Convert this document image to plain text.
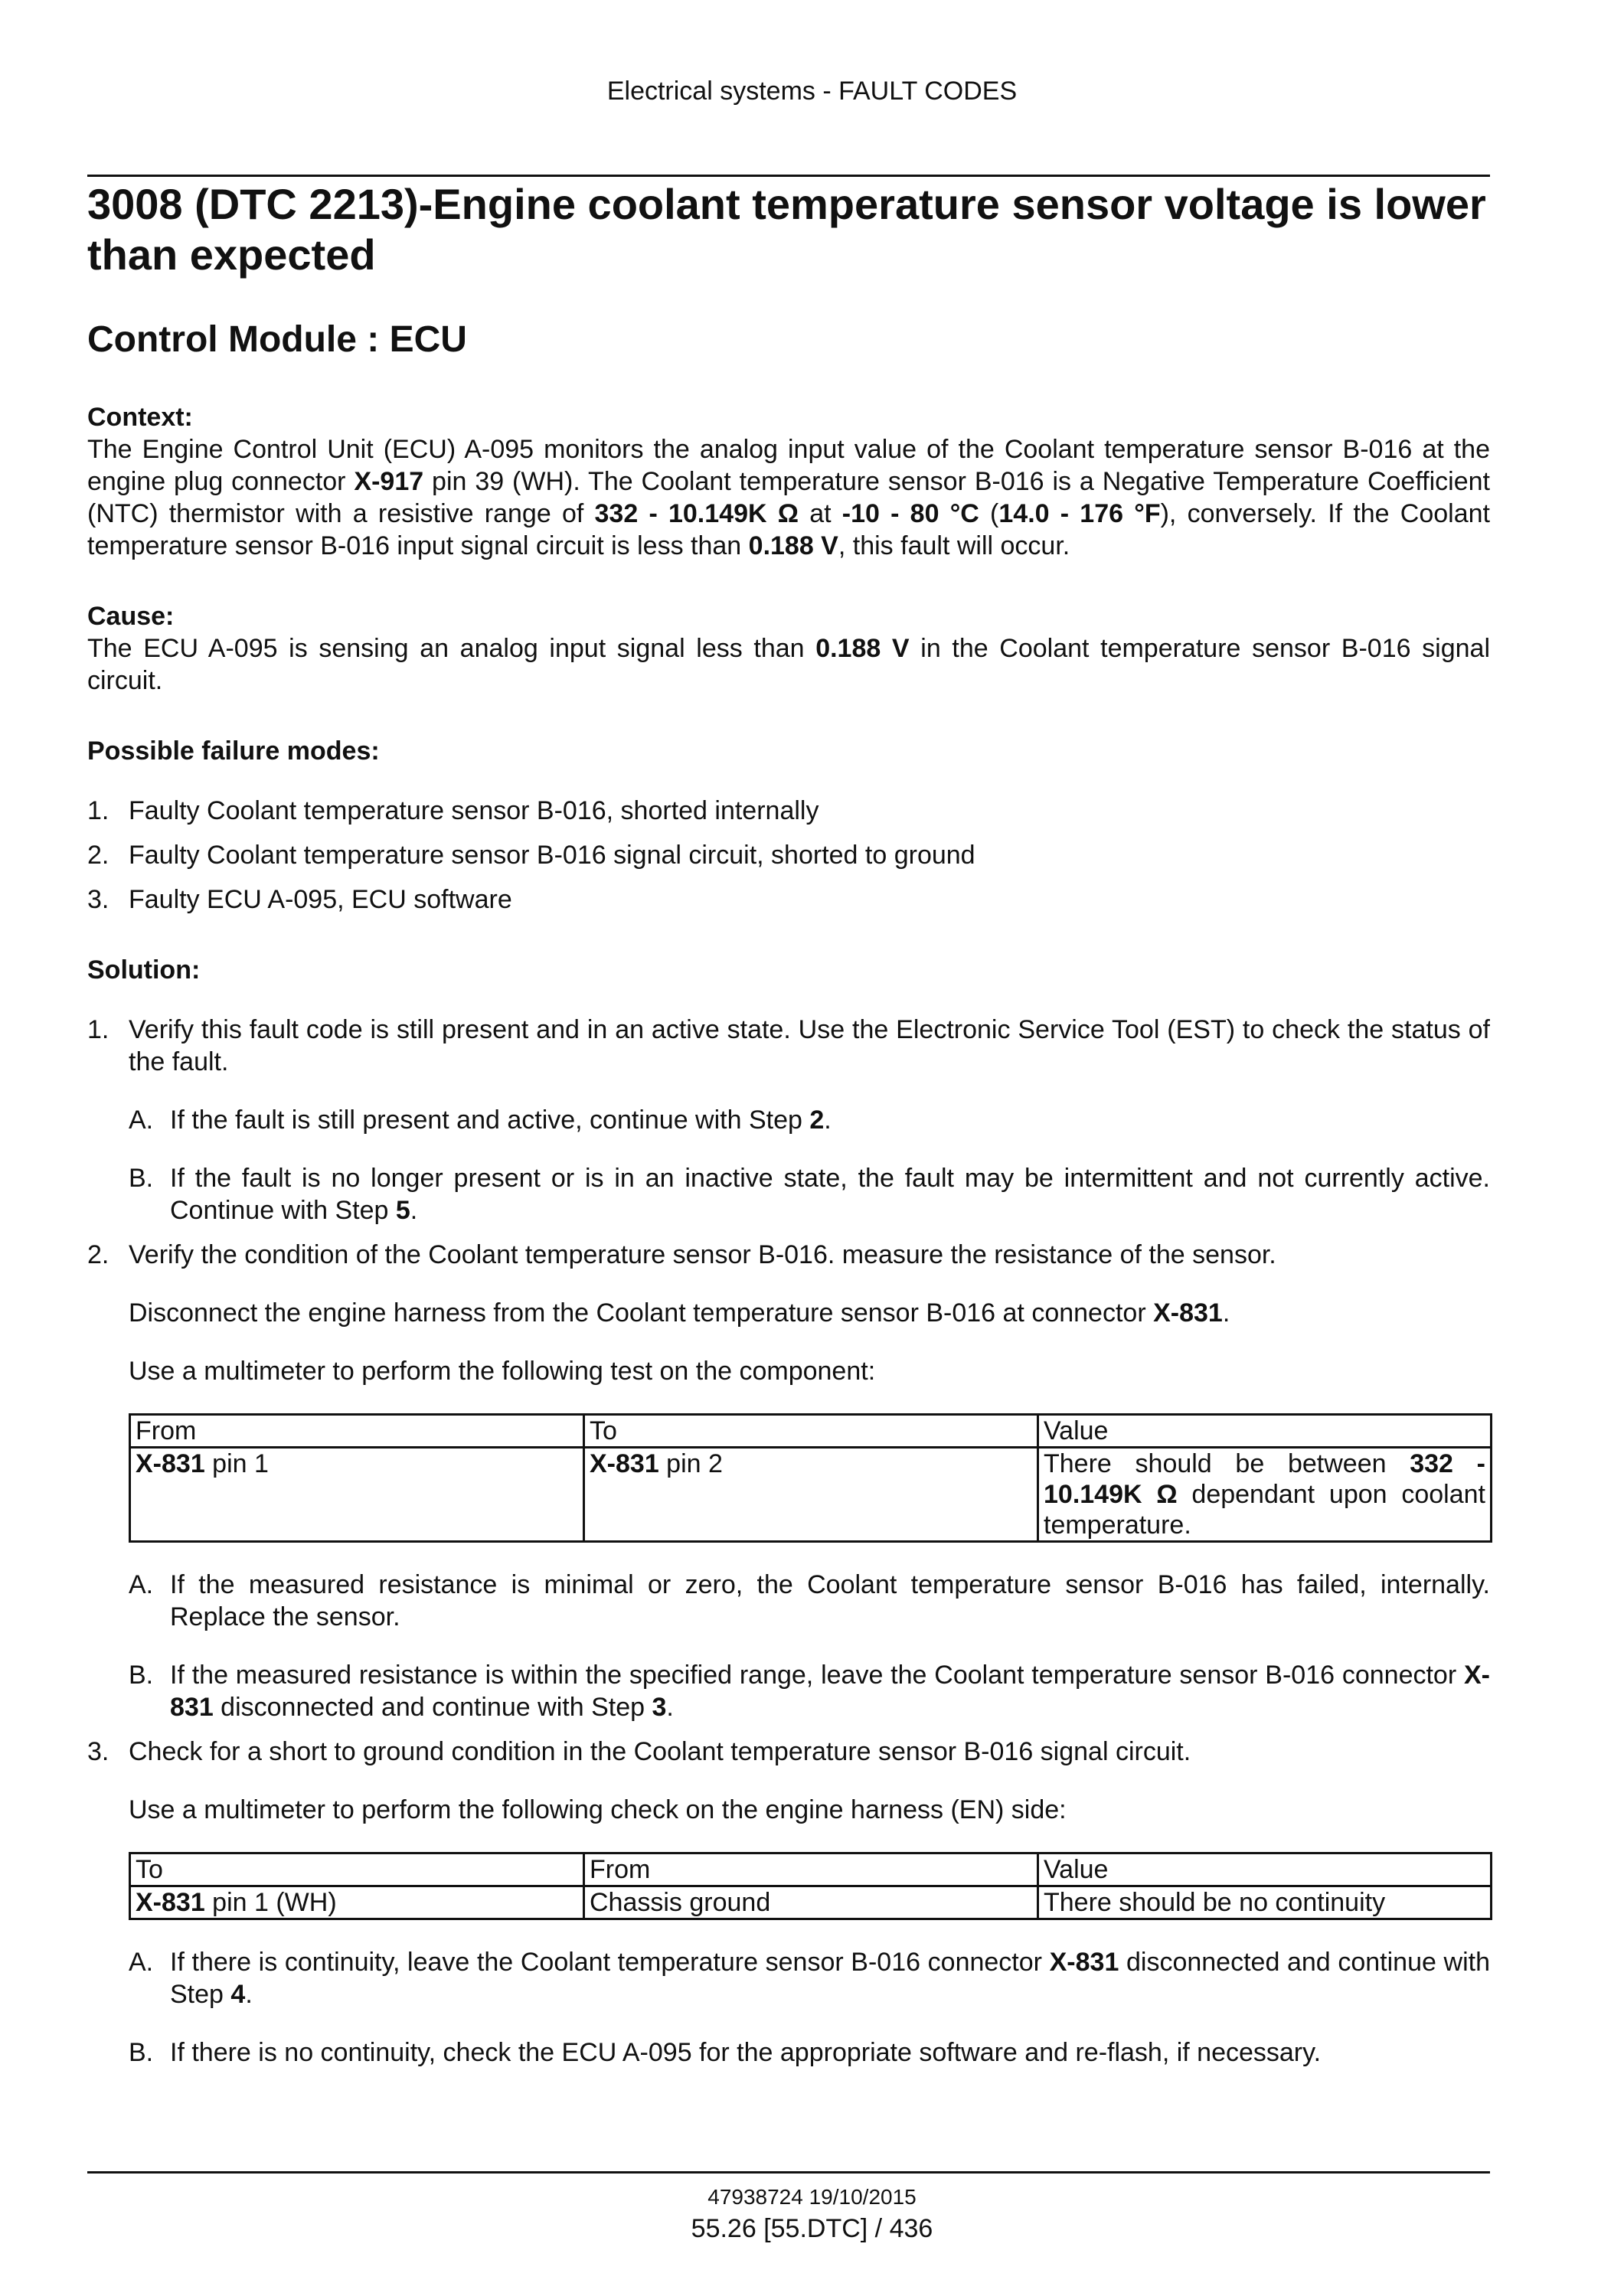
Electrical systems - FAULT CODES
3008 (DTC 2213)-Engine coolant temperature sensor voltage is lower than expected
Control Module : ECU
Context:

The Engine Control Unit (ECU) A-095 monitors the analog input value of the Coolant temperature sensor B-016 at the engine plug connector X-917 pin 39 (WH). The Coolant temperature sensor B-016 is a Negative Temperature Coefficient (NTC) thermistor with a resistive range of 332 - 10.149K Ω at -10 - 80 °C (14.0 - 176 °F), conversely. If the Coolant temperature sensor B-016 input signal circuit is less than 0.188 V, this fault will occur.

Cause:

The ECU A-095 is sensing an analog input signal less than 0.188 V in the Coolant temperature sensor B-016 signal circuit.

Possible failure modes:
1. Faulty Coolant temperature sensor B-016, shorted internally
2. Faulty Coolant temperature sensor B-016 signal circuit, shorted to ground
3. Faulty ECU A-095, ECU software
Solution:
1. Verify this fault code is still present and in an active state. Use the Electronic Service Tool (EST) to check the status of the fault.
A. If the fault is still present and active, continue with Step 2.
B. If the fault is no longer present or is in an inactive state, the fault may be intermittent and not currently active. Continue with Step 5.
2. Verify the condition of the Coolant temperature sensor B-016. measure the resistance of the sensor.

Disconnect the engine harness from the Coolant temperature sensor B-016 at connector X-831.

Use a multimeter to perform the following test on the component:

From	To	Value
X-831 pin 1	X-831 pin 2	There should be between 332 - 10.149K Ω dependant upon coolant temperature.
A. If the measured resistance is minimal or zero, the Coolant temperature sensor B-016 has failed, internally. Replace the sensor.
B. If the measured resistance is within the specified range, leave the Coolant temperature sensor B-016 connector X-831 disconnected and continue with Step 3.
3. Check for a short to ground condition in the Coolant temperature sensor B-016 signal circuit.

Use a multimeter to perform the following check on the engine harness (EN) side:

To	From	Value
X-831 pin 1 (WH)	Chassis ground	There should be no continuity
A. If there is continuity, leave the Coolant temperature sensor B-016 connector X-831 disconnected and continue with Step 4.
B. If there is no continuity, check the ECU A-095 for the appropriate software and re-flash, if necessary.
47938724 19/10/2015
55.26 [55.DTC] / 436
